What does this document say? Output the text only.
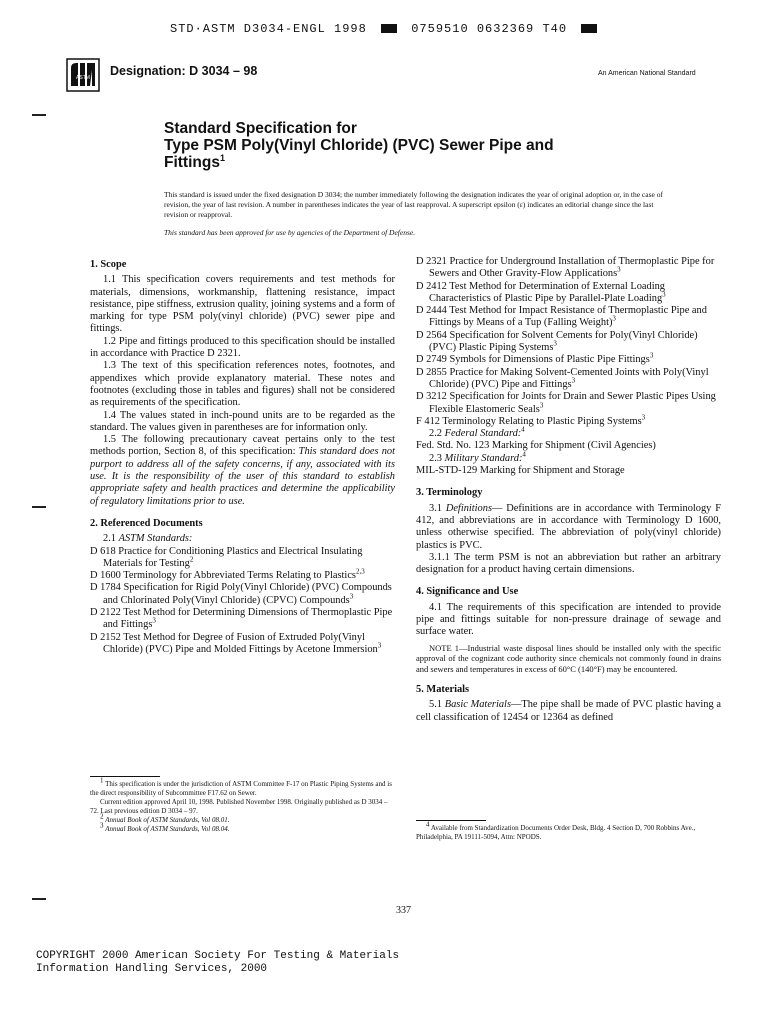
STD·ASTM D3034-ENGL 1998	0759510 0632369 T40
ASTM Designation: D 3034 – 98	An American National Standard
Standard Specification for
Type PSM Poly(Vinyl Chloride) (PVC) Sewer Pipe and
Fittings$^1$
This standard is issued under the fixed designation D 3034; the number immediately following the designation indicates the year of original adoption or, in the case of revision, the year of last revision. A number in parentheses indicates the year of last reapproval. A superscript epsilon (ε) indicates an editorial change since the last revision or reapproval.
This standard has been approved for use by agencies of the Department of Defense.
1. Scope

1.1 This specification covers requirements and test methods for materials, dimensions, workmanship, flattening resistance, impact resistance, pipe stiffness, extrusion quality, joining systems and a form of marking for type PSM poly(vinyl chloride) (PVC) sewer pipe and fittings.

1.2 Pipe and fittings produced to this specification should be installed in accordance with Practice D 2321.

1.3 The text of this specification references notes, footnotes, and appendixes which provide explanatory material. These notes and footnotes (excluding those in tables and figures) shall not be considered as requirements of the specification.

1.4 The values stated in inch-pound units are to be regarded as the standard. The values given in parentheses are for information only.

1.5 The following precautionary caveat pertains only to the test methods portion, Section 8, of this specification: This standard does not purport to address all of the safety concerns, if any, associated with its use. It is the responsibility of the user of this standard to establish appropriate safety and health practices and determine the applicability of regulatory limitations prior to use.

2. Referenced Documents

2.1 ASTM Standards:

D 618 Practice for Conditioning Plastics and Electrical Insulating Materials for Testing$^2$

D 1600 Terminology for Abbreviated Terms Relating to Plastics$^{2,3}$

D 1784 Specification for Rigid Poly(Vinyl Chloride) (PVC) Compounds and Chlorinated Poly(Vinyl Chloride) (CPVC) Compounds$^3$

D 2122 Test Method for Determining Dimensions of Thermoplastic Pipe and Fittings$^3$

D 2152 Test Method for Degree of Fusion of Extruded Poly(Vinyl Chloride) (PVC) Pipe and Molded Fittings by Acetone Immersion$^3$

$^1$ This specification is under the jurisdiction of ASTM Committee F-17 on Plastic Piping Systems and is the direct responsibility of Subcommittee F17.62 on Sewer.

Current edition approved April 10, 1998. Published November 1998. Originally published as D 3034 – 72. Last previous edition D 3034 – 97.

$^2$ Annual Book of ASTM Standards, Vol 08.01.

$^3$ Annual Book of ASTM Standards, Vol 08.04.

D 2321 Practice for Underground Installation of Thermoplastic Pipe for Sewers and Other Gravity-Flow Applications$^3$

D 2412 Test Method for Determination of External Loading Characteristics of Plastic Pipe by Parallel-Plate Loading$^3$

D 2444 Test Method for Impact Resistance of Thermoplastic Pipe and Fittings by Means of a Tup (Falling Weight)$^3$

D 2564 Specification for Solvent Cements for Poly(Vinyl Chloride) (PVC) Plastic Piping Systems$^3$

D 2749 Symbols for Dimensions of Plastic Pipe Fittings$^3$

D 2855 Practice for Making Solvent-Cemented Joints with Poly(Vinyl Chloride) (PVC) Pipe and Fittings$^3$

D 3212 Specification for Joints for Drain and Sewer Plastic Pipes Using Flexible Elastomeric Seals$^3$

F 412 Terminology Relating to Plastic Piping Systems$^3$

2.2 Federal Standard:$^4$

Fed. Std. No. 123 Marking for Shipment (Civil Agencies)

2.3 Military Standard:$^4$

MIL-STD-129 Marking for Shipment and Storage

3. Terminology

3.1 Definitions— Definitions are in accordance with Terminology F 412, and abbreviations are in accordance with Terminology D 1600, unless otherwise specified. The abbreviation of poly(vinyl chloride) plastics is PVC.

3.1.1 The term PSM is not an abbreviation but rather an arbitrary designation for a product having certain dimensions.

4. Significance and Use

4.1 The requirements of this specification are intended to provide pipe and fittings suitable for non-pressure drainage of sewage and surface water.

NOTE 1—Industrial waste disposal lines should be installed only with the specific approval of the cognizant code authority since chemicals not commonly found in drains and sewers and temperatures in excess of 60°C (140°F) may be encountered.

5. Materials

5.1 Basic Materials—The pipe shall be made of PVC plastic having a cell classification of 12454 or 12364 as defined

$^4$ Available from Standardization Documents Order Desk, Bldg. 4 Section D, 700 Robbins Ave., Philadelphia, PA 19111-5094, Attn: NPODS.

337
COPYRIGHT 2000 American Society For Testing & Materials
Information Handling Services, 2000
